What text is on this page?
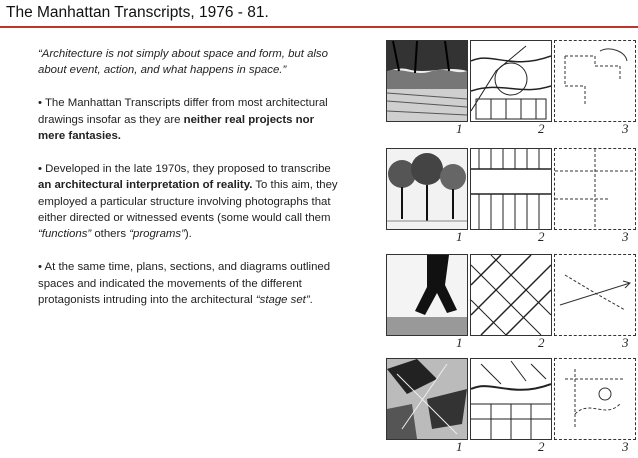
The Manhattan Transcripts, 1976 - 81.

“Architecture is not simply about space and form, but also about event, action, and what happens in space.”

• The Manhattan Transcripts differ from most architectural drawings insofar as they are neither real projects nor mere fantasies.

• Developed in the late 1970s, they proposed to transcribe an architectural interpretation of reality. To this aim, they employed a particular structure involving photographs that either directed or witnessed events (some would call them “functions” others “programs”).

• At the same time, plans, sections, and diagrams outlined spaces and indicated the movements of the different protagonists intruding into the architectural “stage set”.

1	2	3
1	2	3
1	2	3
1	2	3
